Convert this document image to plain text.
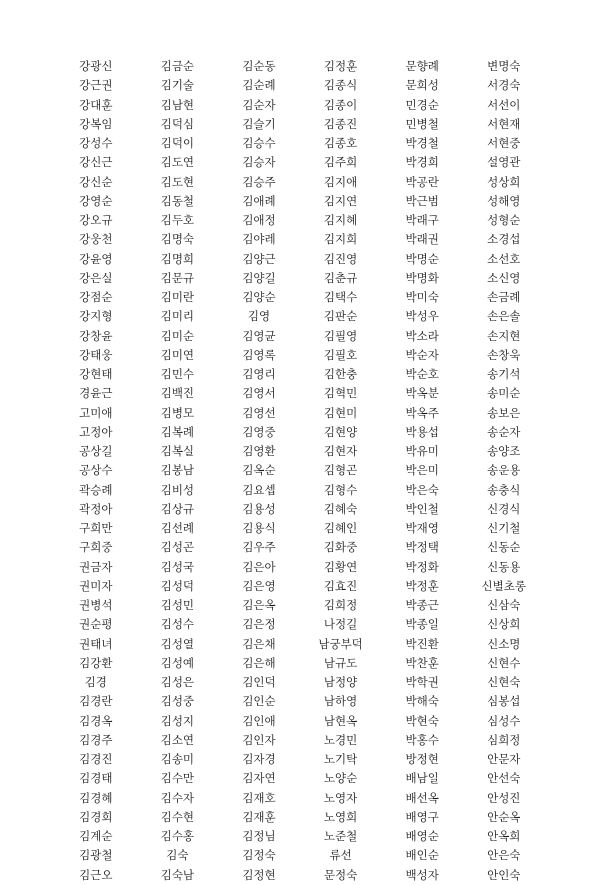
강광신	김금순	김순동	김정훈	문향례	변명숙
강근권	김기술	김순례	김종식	문희성	서경숙
강대훈	김남현	김순자	김종이	민경순	서선이
강복임	김덕심	김슬기	김종진	민병철	서현재
강성수	김덕이	김승수	김종호	박경철	서현중
강신근	김도연	김승자	김주희	박경희	설영관
강신순	김도현	김승주	김지애	박공란	성상희
강영순	김동철	김애례	김지연	박근범	성해영
강오규	김두호	김애정	김지혜	박래구	성형순
강웅천	김명숙	김야레	김지희	박래권	소경섭
강윤영	김명희	김양근	김진영	박명순	소선호
강은실	김문규	김양길	김춘규	박명화	소신영
강점순	김미란	김양순	김택수	박미숙	손금례
강지형	김미리	김영	김판순	박성우	손은솔
강창윤	김미순	김영균	김필영	박소라	손지현
강태웅	김미연	김영록	김필호	박순자	손창욱
강현태	김민수	김영리	김한충	박순호	송기석
경윤근	김백진	김영서	김혁민	박옥분	송미순
고미애	김병모	김영선	김현미	박옥주	송보은
고정아	김복례	김영중	김현양	박용섭	송순자
공상길	김복실	김영환	김현자	박유미	송양조
공상수	김봉남	김옥순	김형곤	박은미	송운용
곽승례	김비성	김요셉	김형수	박은숙	송충식
곽정아	김상규	김용성	김혜숙	박인철	신경식
구희만	김선례	김용식	김혜인	박재영	신기철
구희중	김성곤	김우주	김화중	박정택	신동순
권금자	김성국	김은아	김황연	박정화	신동용
권미자	김성덕	김은영	김효진	박정훈	신별초롱
권병석	김성민	김은옥	김희정	박종근	신삼숙
권순평	김성수	김은정	나정길	박종일	신상희
권태녀	김성열	김은채	남궁부덕	박진환	신소명
김강환	김성예	김은해	남규도	박찬훈	신현수
김경	김성은	김인덕	남정양	박학권	신현숙
김경란	김성중	김인순	남하영	박해숙	심봉섭
김경옥	김성지	김인애	남현옥	박현숙	심성수
김경주	김소연	김인자	노경민	박홍수	심희정
김경진	김송미	김자경	노기탁	방정현	안문자
김경태	김수만	김자연	노양순	배남일	안선숙
김경혜	김수자	김재호	노영자	배선옥	안성진
김경희	김수현	김재훈	노영희	배영구	안순옥
김계순	김수홍	김정님	노준철	배영순	안옥희
김광철	김숙	김정숙	류선	배인순	안은숙
김근오	김숙남	김정현	문정숙	백성자	안인숙
